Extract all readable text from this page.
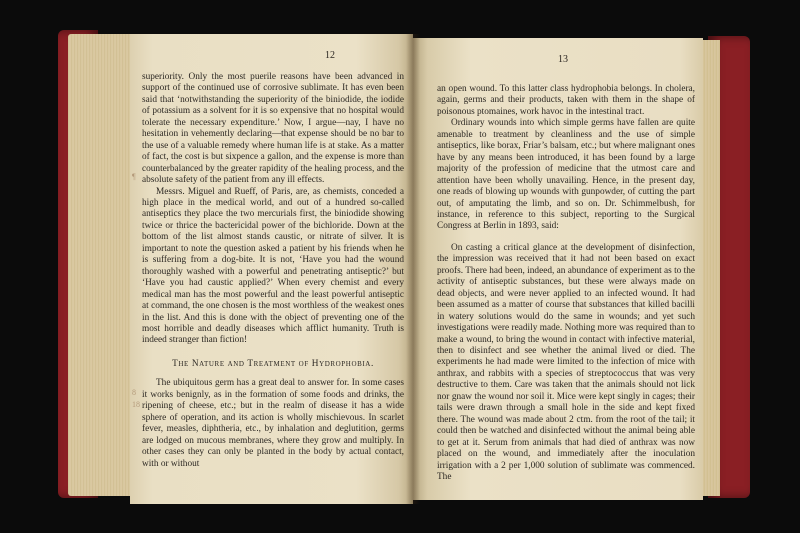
12

superiority. Only the most puerile reasons have been advanced in support of the continued use of corrosive sublimate. It has even been said that ‘notwithstanding the superiority of the biniodide, the iodide of potassium as a solvent for it is so expensive that no hospital would tolerate the necessary expenditure.’ Now, I argue—nay, I have no hesitation in vehemently declaring—that expense should be no bar to the use of a valuable remedy where human life is at stake. As a matter of fact, the cost is but sixpence a gallon, and the expense is more than counterbalanced by the greater rapidity of the healing process, and the absolute safety of the patient from any ill effects.

Messrs. Miguel and Rueff, of Paris, are, as chemists, conceded a high place in the medical world, and out of a hundred so-called antiseptics they place the two mercurials first, the biniodide showing twice or thrice the bactericidal power of the bichloride. Down at the bottom of the list almost stands caustic, or nitrate of silver. It is important to note the question asked a patient by his friends when he is suffering from a dog-bite. It is not, ‘Have you had the wound thoroughly washed with a powerful and penetrating antiseptic?’ but ‘Have you had caustic applied?’ When every chemist and every medical man has the most powerful and the least powerful antiseptic at command, the one chosen is the most worthless of the weakest ones in the list. And this is done with the object of preventing one of the most horrible and deadly diseases which afflict humanity. Truth is indeed stranger than fiction!

The Nature and Treatment of Hydrophobia.

The ubiquitous germ has a great deal to answer for. In some cases it works benignly, as in the formation of some foods and drinks, the ripening of cheese, etc.; but in the realm of disease it has a wide sphere of operation, and its action is wholly mischievous. In scarlet fever, measles, diphtheria, etc., by inhalation and deglutition, germs are lodged on mucous membranes, where they grow and multiply. In other cases they can only be planted in the body by actual contact, with or without

¶
8
18
13

an open wound. To this latter class hydrophobia belongs. In cholera, again, germs and their products, taken with them in the shape of poisonous ptomaines, work havoc in the intestinal tract.

Ordinary wounds into which simple germs have fallen are quite amenable to treatment by cleanliness and the use of simple antiseptics, like borax, Friar’s balsam, etc.; but where malignant ones have by any means been introduced, it has been found by a large majority of the profession of medicine that the utmost care and attention have been wholly unavailing. Hence, in the present day, one reads of blowing up wounds with gunpowder, of cutting the part out, of amputating the limb, and so on. Dr. Schimmelbush, for instance, in reference to this subject, reporting to the Surgical Congress at Berlin in 1893, said:

On casting a critical glance at the development of disinfection, the impression was received that it had not been based on exact proofs. There had been, indeed, an abundance of experiment as to the activity of antiseptic substances, but these were always made on dead objects, and were never applied to an infected wound. It had been assumed as a matter of course that substances that killed bacilli in watery solutions would do the same in wounds; and yet such investigations were readily made. Nothing more was required than to make a wound, to bring the wound in contact with infective material, then to disinfect and see whether the animal lived or died. The experiments he had made were limited to the infection of mice with anthrax, and rabbits with a species of streptococcus that was very destructive to them. Care was taken that the animals should not lick nor gnaw the wound nor soil it. Mice were kept singly in cages; their tails were drawn through a small hole in the side and kept fixed there. The wound was made about 2 ctm. from the root of the tail; it could then be watched and disinfected without the animal being able to get at it. Serum from animals that had died of anthrax was now placed on the wound, and immediately after the inoculation irrigation with a 2 per 1,000 solution of sublimate was commenced. The
